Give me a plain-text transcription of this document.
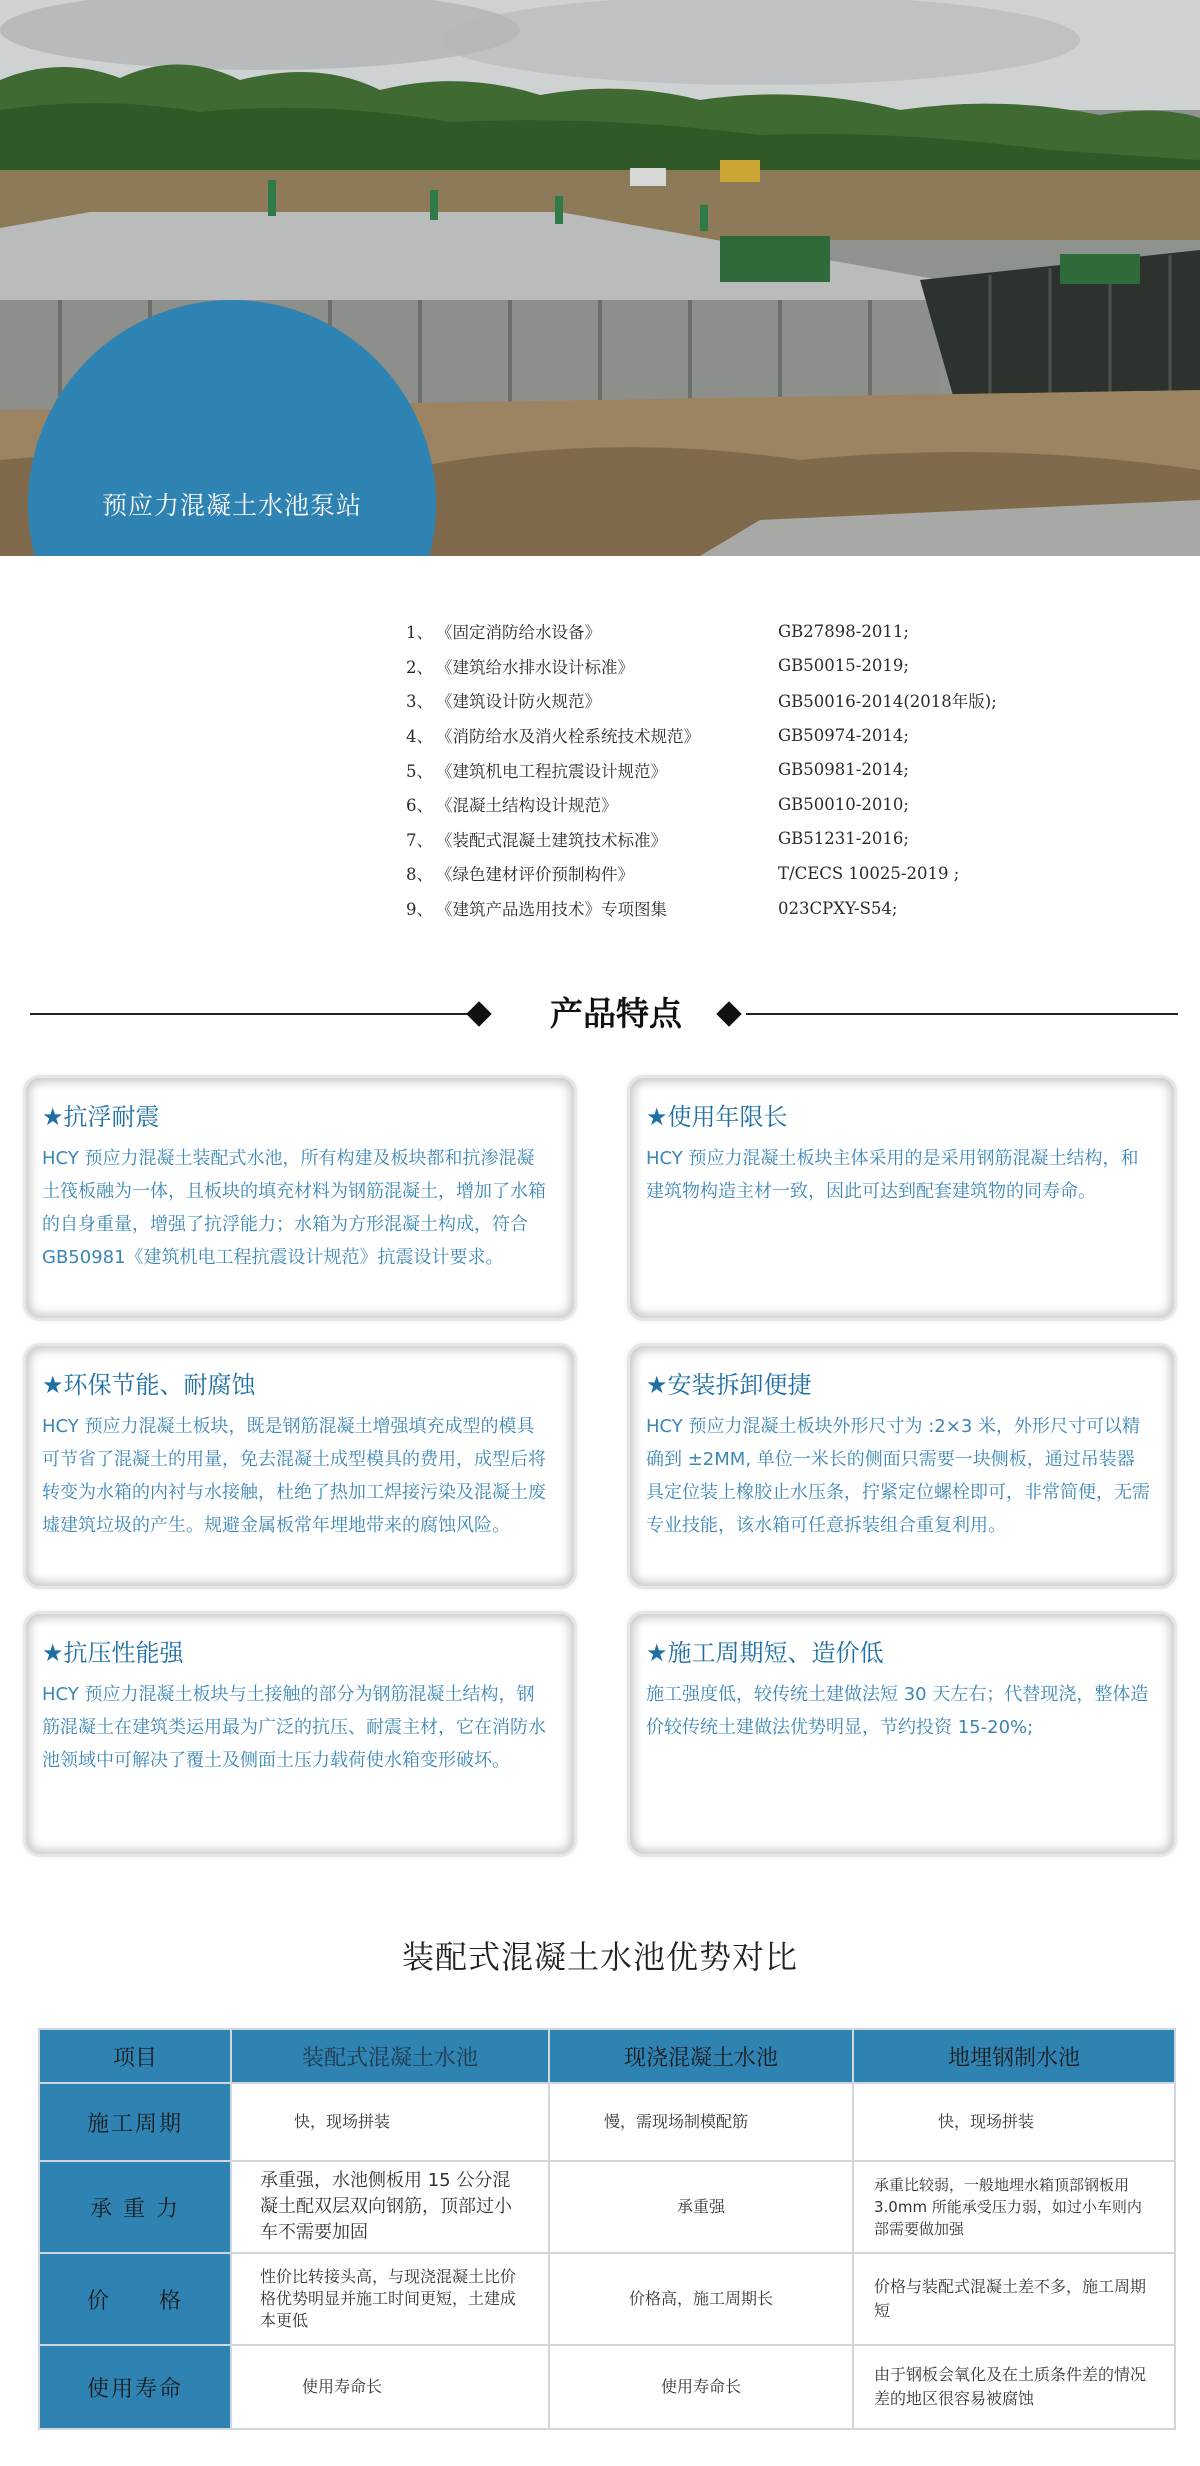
预应力混凝土水池泵站
1、 《固定消防给水设备》	GB27898-2011;
2、 《建筑给水排水设计标准》	GB50015-2019;
3、 《建筑设计防火规范》	GB50016-2014(2018年版);
4、 《消防给水及消火栓系统技术规范》	GB50974-2014;
5、 《建筑机电工程抗震设计规范》	GB50981-2014;
6、 《混凝土结构设计规范》	GB50010-2010;
7、 《装配式混凝土建筑技术标准》	GB51231-2016;
8、 《绿色建材评价预制构件》	T/CECS 10025-2019 ;
9、 《建筑产品选用技术》专项图集	023CPXY-S54;
产品特点
★抗浮耐震
HCY 预应力混凝土装配式水池，所有构建及板块都和抗渗混凝土筏板融为一体，且板块的填充材料为钢筋混凝土，增加了水箱的自身重量，增强了抗浮能力；水箱为方形混凝土构成，符合 GB50981《建筑机电工程抗震设计规范》抗震设计要求。
★使用年限长
HCY 预应力混凝土板块主体采用的是采用钢筋混凝土结构，和建筑物构造主材一致，因此可达到配套建筑物的同寿命。
★环保节能、耐腐蚀
HCY 预应力混凝土板块，既是钢筋混凝土增强填充成型的模具可节省了混凝土的用量，免去混凝土成型模具的费用，成型后将转变为水箱的内衬与水接触，杜绝了热加工焊接污染及混凝土废墟建筑垃圾的产生。规避金属板常年埋地带来的腐蚀风险。
★安装拆卸便捷
HCY 预应力混凝土板块外形尺寸为 :2×3 米，外形尺寸可以精确到 ±2MM, 单位一米长的侧面只需要一块侧板，通过吊装器具定位装上橡胶止水压条，拧紧定位螺栓即可，非常简便，无需专业技能，该水箱可任意拆装组合重复利用。
★抗压性能强
HCY 预应力混凝土板块与土接触的部分为钢筋混凝土结构，钢筋混凝土在建筑类运用最为广泛的抗压、耐震主材，它在消防水池领域中可解决了覆土及侧面土压力载荷使水箱变形破坏。
★施工周期短、造价低
施工强度低，较传统土建做法短 30 天左右；代替现浇，整体造价较传统土建做法优势明显，节约投资 15-20%;
装配式混凝土水池优势对比
项目	装配式混凝土水池	现浇混凝土水池	地埋钢制水池
施工周期	快，现场拼装	慢，需现场制模配筋	快，现场拼装
承 重 力	承重强，水池侧板用 15 公分混凝土配双层双向钢筋，顶部过小车不需要加固	承重强	承重比较弱，一般地埋水箱顶部钢板用 3.0mm 所能承受压力弱，如过小车则内部需要做加强
价　　格	性价比转接头高，与现浇混凝土比价格优势明显并施工时间更短，土建成本更低	价格高，施工周期长	价格与装配式混凝土差不多，施工周期短
使用寿命	使用寿命长	使用寿命长	由于钢板会氧化及在土质条件差的情况差的地区很容易被腐蚀
